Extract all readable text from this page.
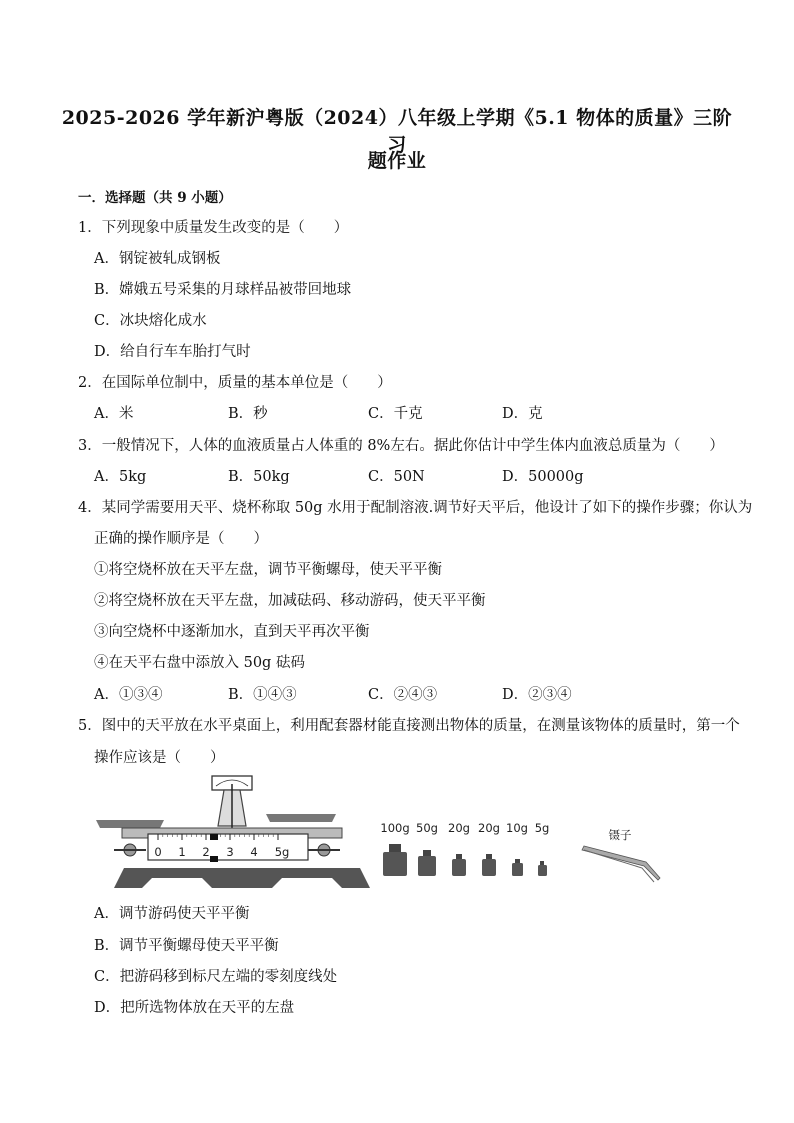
2025-2026 学年新沪粤版（2024）八年级上学期《5.1 物体的质量》三阶习
题作业
一．选择题（共 9 小题）
1．下列现象中质量发生改变的是（　　）
A．钢锭被轧成钢板
B．嫦娥五号采集的月球样品被带回地球
C．冰块熔化成水
D．给自行车车胎打气时
2．在国际单位制中，质量的基本单位是（　　）
A．米	B．秒	C．千克	D．克
3．一般情况下，人体的血液质量占人体重的 8%左右。据此你估计中学生体内血液总质量为（　　）
A．5kg	B．50kg	C．50N	D．50000g
4．某同学需要用天平、烧杯称取 50g 水用于配制溶液.调节好天平后，他设计了如下的操作步骤；你认为
正确的操作顺序是（　　）
①将空烧杯放在天平左盘，调节平衡螺母，使天平平衡
②将空烧杯放在天平左盘，加减砝码、移动游码，使天平平衡
③向空烧杯中逐渐加水，直到天平再次平衡
④在天平右盘中添放入 50g 砝码
A．①③④	B．①④③	C．②④③	D．②③④
5．图中的天平放在水平桌面上，利用配套器材能直接测出物体的质量，在测量该物体的质量时，第一个
操作应该是（　　）
0 1 2 3 4 5g
100g 50g 20g 20g 10g 5g	镊子
A．调节游码使天平平衡
B．调节平衡螺母使天平平衡
C．把游码移到标尺左端的零刻度线处
D．把所选物体放在天平的左盘
